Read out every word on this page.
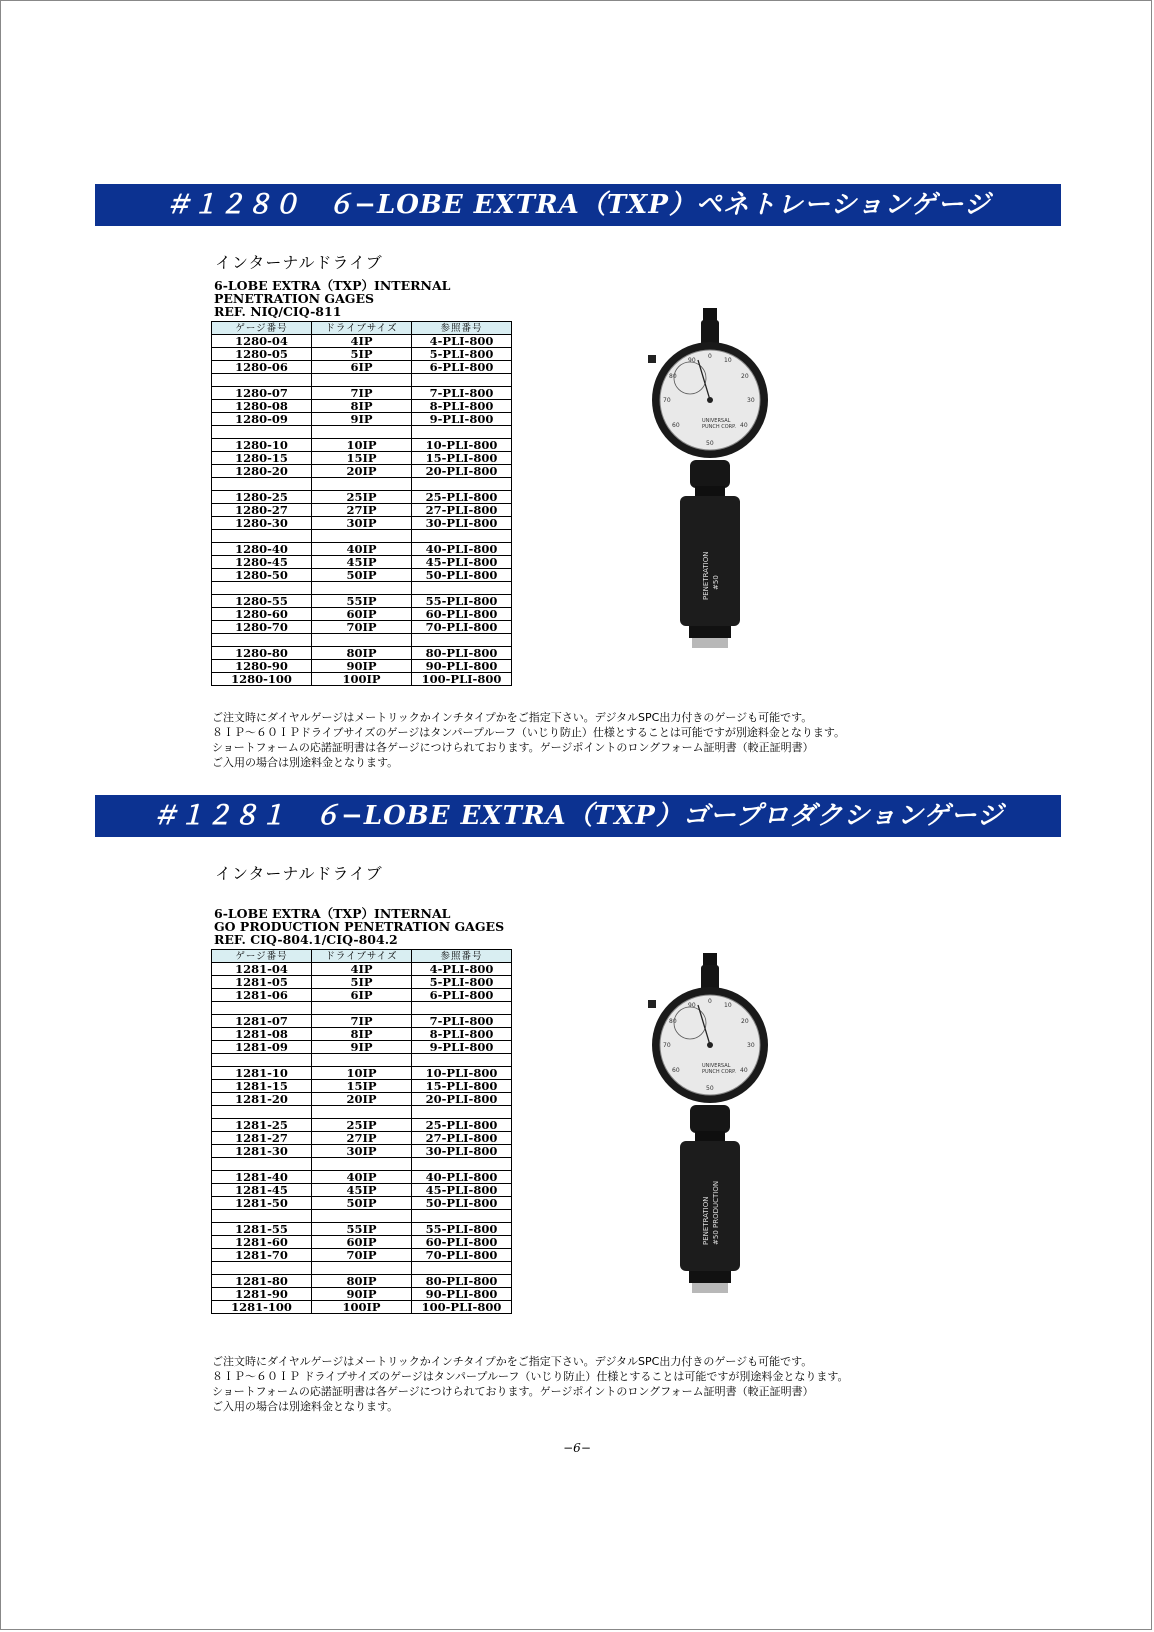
＃１２８０　６−LOBE EXTRA（TXP）ペネトレーションゲージ
インターナルドライブ
6-LOBE EXTRA（TXP）INTERNAL
PENETRATION GAGES
REF. NIQ/CIQ-811
ゲージ番号	ドライブサイズ	参照番号
1280-04	4IP	4-PLI-800
1280-05	5IP	5-PLI-800
1280-06	6IP	6-PLI-800

1280-07	7IP	7-PLI-800
1280-08	8IP	8-PLI-800
1280-09	9IP	9-PLI-800

1280-10	10IP	10-PLI-800
1280-15	15IP	15-PLI-800
1280-20	20IP	20-PLI-800

1280-25	25IP	25-PLI-800
1280-27	27IP	27-PLI-800
1280-30	30IP	30-PLI-800

1280-40	40IP	40-PLI-800
1280-45	45IP	45-PLI-800
1280-50	50IP	50-PLI-800

1280-55	55IP	55-PLI-800
1280-60	60IP	60-PLI-800
1280-70	70IP	70-PLI-800

1280-80	80IP	80-PLI-800
1280-90	90IP	90-PLI-800
1280-100	100IP	100-PLI-800
10
20
30
40
50
60
70
80
90
0
UNIVERSAL
PUNCH CORP.
#50
PENETRATION
ご注文時にダイヤルゲージはメートリックかインチタイプかをご指定下さい。デジタルSPC出力付きのゲージも可能です。
８ＩＰ～６０ＩＰドライブサイズのゲージはタンパープルーフ（いじり防止）仕様とすることは可能ですが別途料金となります。
ショートフォームの応諾証明書は各ゲージにつけられております。ゲージポイントのロングフォーム証明書（較正証明書）
ご入用の場合は別途料金となります。
＃１２８１　６−LOBE EXTRA（TXP）ゴープロダクションゲージ
インターナルドライブ
6-LOBE EXTRA（TXP）INTERNAL
GO PRODUCTION PENETRATION GAGES
REF. CIQ-804.1/CIQ-804.2
ゲージ番号	ドライブサイズ	参照番号
1281-04	4IP	4-PLI-800
1281-05	5IP	5-PLI-800
1281-06	6IP	6-PLI-800

1281-07	7IP	7-PLI-800
1281-08	8IP	8-PLI-800
1281-09	9IP	9-PLI-800

1281-10	10IP	10-PLI-800
1281-15	15IP	15-PLI-800
1281-20	20IP	20-PLI-800

1281-25	25IP	25-PLI-800
1281-27	27IP	27-PLI-800
1281-30	30IP	30-PLI-800

1281-40	40IP	40-PLI-800
1281-45	45IP	45-PLI-800
1281-50	50IP	50-PLI-800

1281-55	55IP	55-PLI-800
1281-60	60IP	60-PLI-800
1281-70	70IP	70-PLI-800

1281-80	80IP	80-PLI-800
1281-90	90IP	90-PLI-800
1281-100	100IP	100-PLI-800
10
20
30
40
50
60
70
80
90
0
UNIVERSAL
PUNCH CORP.
#50 PRODUCTION
PENETRATION
ご注文時にダイヤルゲージはメートリックかインチタイプかをご指定下さい。デジタルSPC出力付きのゲージも可能です。
８ＩＰ～６０ＩＰ ドライブサイズのゲージはタンパープルーフ（いじり防止）仕様とすることは可能ですが別途料金となります。
ショートフォームの応諾証明書は各ゲージにつけられております。ゲージポイントのロングフォーム証明書（較正証明書）
ご入用の場合は別途料金となります。
−6−
